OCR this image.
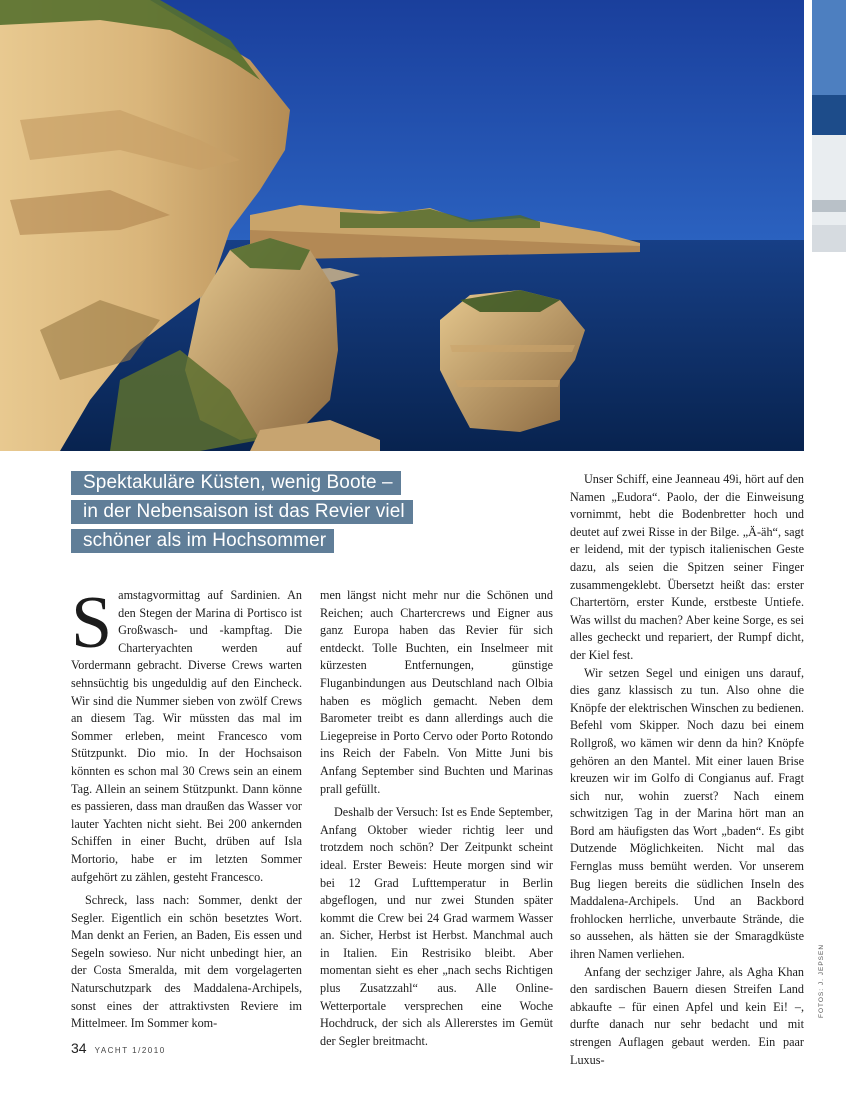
Spektakuläre Küsten, wenig Boote –
in der Nebensaison ist das Revier viel
schöner als im Hochsommer

Samstagvormittag auf Sardinien. An den Stegen der Marina di Portisco ist Großwasch- und -kampftag. Die Charteryachten werden auf Vordermann gebracht. Diverse Crews warten sehnsüchtig bis ungeduldig auf den Eincheck. Wir sind die Nummer sieben von zwölf Crews an diesem Tag. Wir müssten das mal im Sommer erleben, meint Francesco vom Stützpunkt. Dio mio. In der Hochsaison könnten es schon mal 30 Crews sein an einem Tag. Allein an seinem Stützpunkt. Dann könne es passieren, dass man draußen das Wasser vor lauter Yachten nicht sieht. Bei 200 ankernden Schiffen in einer Bucht, drüben auf Isla Mortorio, habe er im letzten Sommer aufgehört zu zählen, gesteht Francesco.

Schreck, lass nach: Sommer, denkt der Segler. Eigentlich ein schön besetztes Wort. Man denkt an Ferien, an Baden, Eis essen und Segeln sowieso. Nur nicht unbedingt hier, an der Costa Smeralda, mit dem vorgelagerten Naturschutzpark des Maddalena-Archipels, sonst eines der attraktivsten Reviere im Mittelmeer. Im Sommer kom-

men längst nicht mehr nur die Schönen und Reichen; auch Chartercrews und Eigner aus ganz Europa haben das Revier für sich entdeckt. Tolle Buchten, ein Inselmeer mit kürzesten Entfernungen, günstige Fluganbindungen aus Deutschland nach Olbia haben es möglich gemacht. Neben dem Barometer treibt es dann allerdings auch die Liegepreise in Porto Cervo oder Porto Rotondo ins Reich der Fabeln. Von Mitte Juni bis Anfang September sind Buchten und Marinas prall gefüllt.

Deshalb der Versuch: Ist es Ende September, Anfang Oktober wieder richtig leer und trotzdem noch schön? Der Zeitpunkt scheint ideal. Erster Beweis: Heute morgen sind wir bei 12 Grad Lufttemperatur in Berlin abgeflogen, und nur zwei Stunden später kommt die Crew bei 24 Grad warmem Wasser an. Sicher, Herbst ist Herbst. Manchmal auch in Italien. Ein Restrisiko bleibt. Aber momentan sieht es eher „nach sechs Richtigen plus Zusatzzahl“ aus. Alle Online-Wetterportale versprechen eine Woche Hochdruck, der sich als Allererstes im Gemüt der Segler breitmacht.

Unser Schiff, eine Jeanneau 49i, hört auf den Namen „Eudora“. Paolo, der die Einweisung vornimmt, hebt die Bodenbretter hoch und deutet auf zwei Risse in der Bilge. „Ä-äh“, sagt er leidend, mit der typisch italienischen Geste dazu, als seien die Spitzen seiner Finger zusammengeklebt. Übersetzt heißt das: erster Chartertörn, erster Kunde, erstbeste Untiefe. Was willst du machen? Aber keine Sorge, es sei alles gecheckt und repariert, der Rumpf dicht, der Kiel fest.

Wir setzen Segel und einigen uns darauf, dies ganz klassisch zu tun. Also ohne die Knöpfe der elektrischen Winschen zu bedienen. Befehl vom Skipper. Noch dazu bei einem Rollgroß, wo kämen wir denn da hin? Knöpfe gehören an den Mantel. Mit einer lauen Brise kreuzen wir im Golfo di Congianus auf. Fragt sich nur, wohin zuerst? Nach einem schwitzigen Tag in der Marina hört man an Bord am häufigsten das Wort „baden“. Es gibt Dutzende Möglichkeiten. Nicht mal das Fernglas muss bemüht werden. Vor unserem Bug liegen bereits die südlichen Inseln des Maddalena-Archipels. Und an Backbord frohlocken herrliche, unverbaute Strände, die so aussehen, als hätten sie der Smaragdküste ihren Namen verliehen.

Anfang der sechziger Jahre, als Agha Khan den sardischen Bauern diesen Streifen Land abkaufte – für einen Apfel und kein Ei! –, durfte danach nur sehr bedacht und mit strengen Auflagen gebaut werden. Ein paar Luxus-

34 YACHT 1/2010
FOTOS: J. JEPSEN
